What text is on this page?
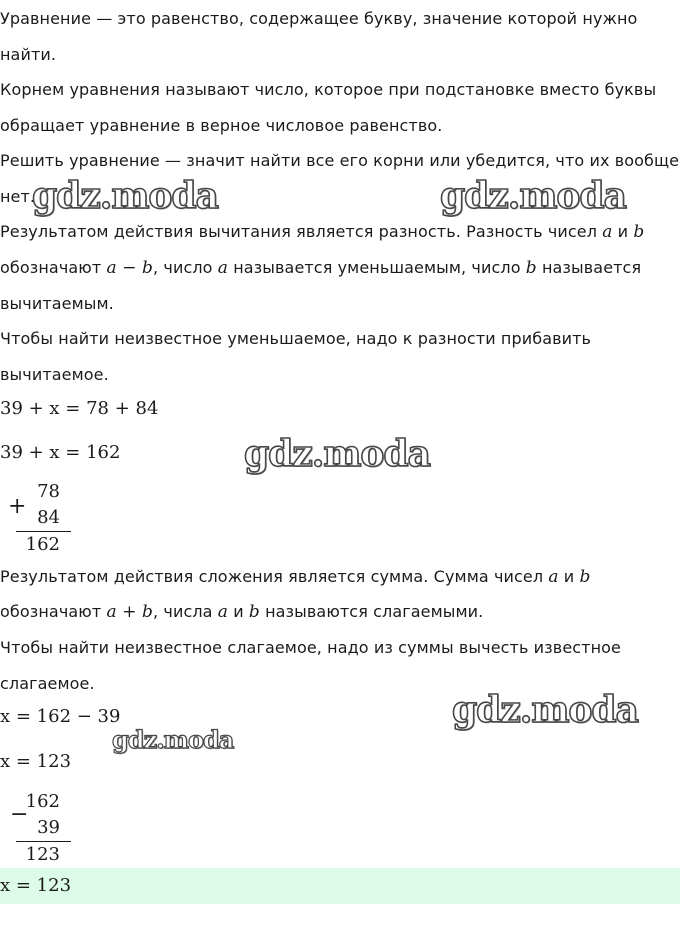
Уравнение — это равенство, содержащее букву, значение которой нужно
найти.
Корнем уравнения называют число, которое при подстановке вместо буквы
обращает уравнение в верное числовое равенство.
Решить уравнение — значит найти все его корни или убедится, что их вообще
нет.
Результатом действия вычитания является разность. Разность чисел a и b
обозначают a − b, число a называется уменьшаемым, число b называется
вычитаемым.
Чтобы найти неизвестное уменьшаемое, надо к разности прибавить
вычитаемое.
39 + x = 78 + 84
39 + x = 162
+
78
84
162
Результатом действия сложения является сумма. Сумма чисел a и b
обозначают a + b, числа a и b называются слагаемыми.
Чтобы найти неизвестное слагаемое, надо из суммы вычесть известное
слагаемое.
x = 162 − 39
x = 123
−
162
39
123
x = 123
gdz.moda	gdz.moda
gdz.moda
gdz.moda
gdz.moda
